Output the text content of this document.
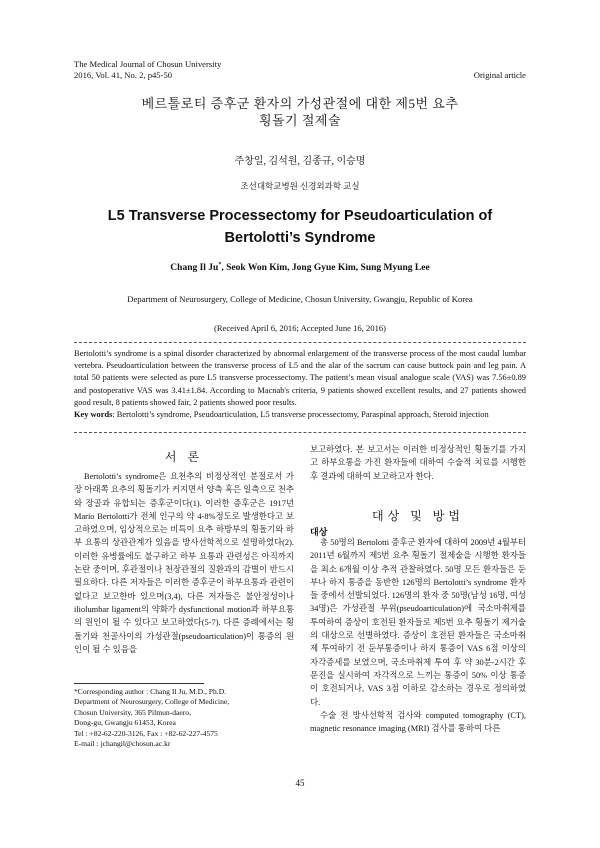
The Medical Journal of Chosun University
2016, Vol. 41, No. 2, p45-50	Original article
베르톨로티 증후군 환자의 가성관절에 대한 제5번 요추
횡돌기 절제술
주창일, 김석원, 김종규, 이승명
조선대학교병원 신경외과학 교실
L5 Transverse Processectomy for Pseudoarticulation of
Bertolotti’s Syndrome
Chang Il Ju*, Seok Won Kim, Jong Gyue Kim, Sung Myung Lee
Department of Neurosurgery, College of Medicine, Chosun University, Gwangju, Republic of Korea
(Received April 6, 2016; Accepted June 16, 2016)
Bertolotti’s syndrome is a spinal disorder characterized by abnormal enlargement of the transverse process of the most caudal lumbar vertebra. Pseudoarticulation between the transverse process of L5 and the alar of the sacrum can cause buttock pain and leg pain. A total 50 patients were selected as pure L5 transverse processectomy. The patient’s mean visual analogue scale (VAS) was 7.56±0.89 and postoperative VAS was 3.41±1.84. According to Macnab's criteria, 9 patients showed excellent results, and 27 patients showed good result, 8 patients showed fair, 2 patients showed poor results.
Key words: Bertolotti’s syndrome, Pseudoarticulation, L5 transverse processectomy, Paraspinal approach, Steroid injection
서 론

Bertolotti’s syndrome은 요천추의 비정상적인 분절로서 가장 아래쪽 요추의 횡돌기가 커지면서 양측 혹은 일측으로 천추와 장골과 유합되는 증후군이다(1). 이러한 증후군은 1917년 Mario Bertolotti가 전체 인구의 약 4-8%정도로 발생한다고 보고하였으며, 임상적으로는 비특이 요추 하방부의 횡돌기와 하부 요통의 상관관계가 있음을 방사선학적으로 설명하였다(2). 이러한 유병률에도 불구하고 하부 요통과 관련성은 아직까지 논란 중이며, 후관절이나 천장관절의 질환과의 감별이 반드시 필요하다. 다른 저자들은 이러한 증후군이 하부요통과 관련이 없다고 보고한바 있으며(3,4), 다른 저자들은 불안정성이나 iliolumbar ligament의 약화가 dysfunctional motion과 하부요통의 원인이 될 수 있다고 보고하였다(5-7). 다른 증례에서는 횡돌기와 천골사이의 가성관절(pseudoarticulation)이 통증의 원인이 될 수 있음을

*Corresponding author : Chang Il Ju, M.D., Ph.D.
Department of Neurosurgery, College of Medicine,
Chosun University, 365 Pilmun-daero,
Dong-gu, Gwangju 61453, Korea
Tel : +82-62-220-3126, Fax : +82-62-227-4575
E-mail : jchangil@chosun.ac.kr

보고하였다. 본 보고서는 이러한 비정상적인 횡돌기를 가지고 하부요통을 가진 환자들에 대하여 수술적 치료를 시행한 후 결과에 대하여 보고하고자 한다.

대상 및 방법
대상

총 50명의 Bertolotti 증후군 환자에 대하여 2009년 4월부터 2011년 6월까지 제5번 요추 횡돌기 절제술을 시행한 환자들을 최소 6개월 이상 추적 관찰하였다. 50명 모든 환자들은 둔부나 하지 통증을 동반한 126명의 Bertolotti’s syndrome 환자들 중에서 선발되었다. 126명의 환자 중 50명(남성 16명, 여성 34명)은 가성관절 부위(pseudoarticulation)에 국소마취제를 투여하여 증상이 호전된 환자들로 제5번 요추 횡돌기 제거술의 대상으로 선별하였다. 증상이 호전된 환자들은 국소마취제 투여하기 전 둔부통증이나 하지 통증이 VAS 6점 이상의 자각증세를 보였으며, 국소마취제 투여 후 약 30분-2시간 후 문진을 실시하여 자각적으로 느끼는 통증이 50% 이상 통증이 호전되거나, VAS 3점 이하로 감소하는 경우로 정의하였다.

수술 전 방사선학적 검사와 computed tomography (CT), magnetic resonance imaging (MRI) 검사를 통하여 다른

45
